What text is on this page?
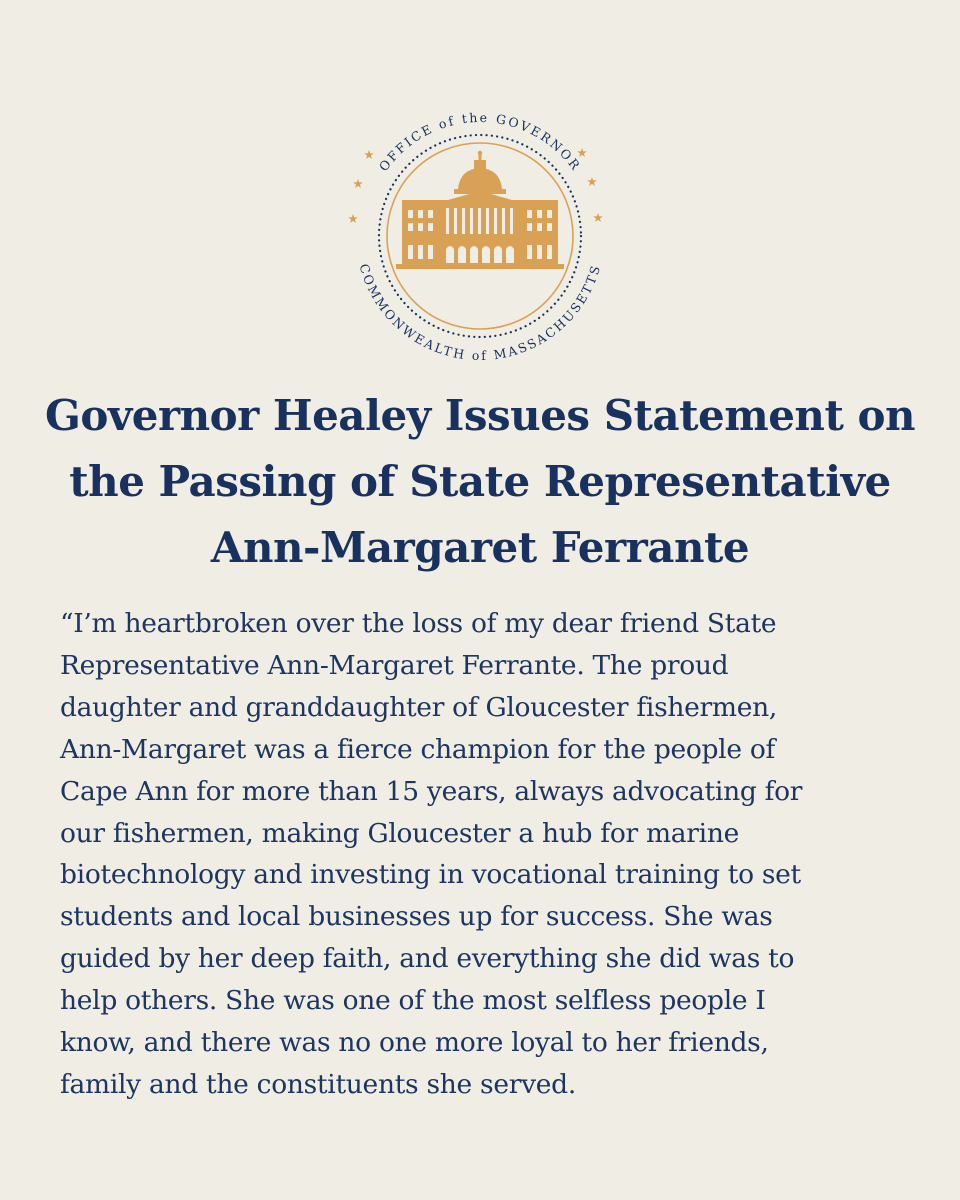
OFFICE of the GOVERNOR
COMMONWEALTH of MASSACHUSETTS
Governor Healey Issues Statement on
the Passing of State Representative
Ann-Margaret Ferrante

“I’m heartbroken over the loss of my dear friend State
Representative Ann-Margaret Ferrante. The proud
daughter and granddaughter of Gloucester fishermen,
Ann-Margaret was a fierce champion for the people of
Cape Ann for more than 15 years, always advocating for
our fishermen, making Gloucester a hub for marine
biotechnology and investing in vocational training to set
students and local businesses up for success. She was
guided by her deep faith, and everything she did was to
help others. She was one of the most selfless people I
know, and there was no one more loyal to her friends,
family and the constituents she served.
